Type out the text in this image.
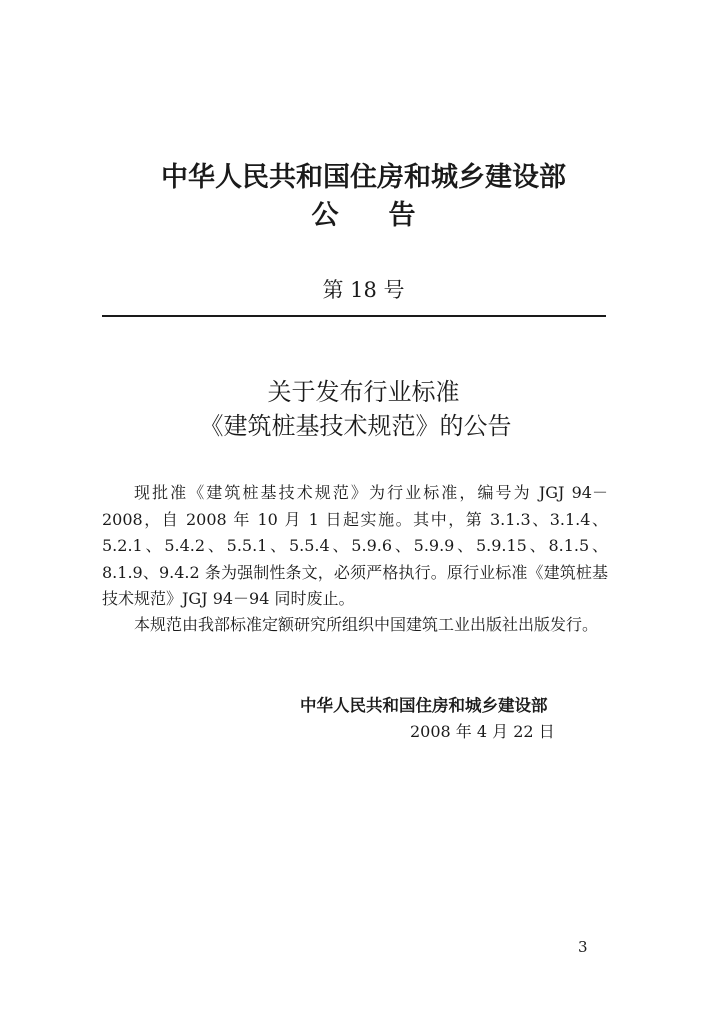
中华人民共和国住房和城乡建设部
公告
第 18 号
关于发布行业标准
《建筑桩基技术规范》的公告

现批准《建筑桩基技术规范》为行业标准，编号为 JGJ 94－2008，自 2008 年 10 月 1 日起实施。其中，第 3.1.3、3.1.4、5.2.1、5.4.2、5.5.1、5.5.4、5.9.6、5.9.9、5.9.15、8.1.5、8.1.9、9.4.2 条为强制性条文，必须严格执行。原行业标准《建筑桩基技术规范》JGJ 94－94 同时废止。

本规范由我部标准定额研究所组织中国建筑工业出版社出版发行。

中华人民共和国住房和城乡建设部
2008 年 4 月 22 日
3
